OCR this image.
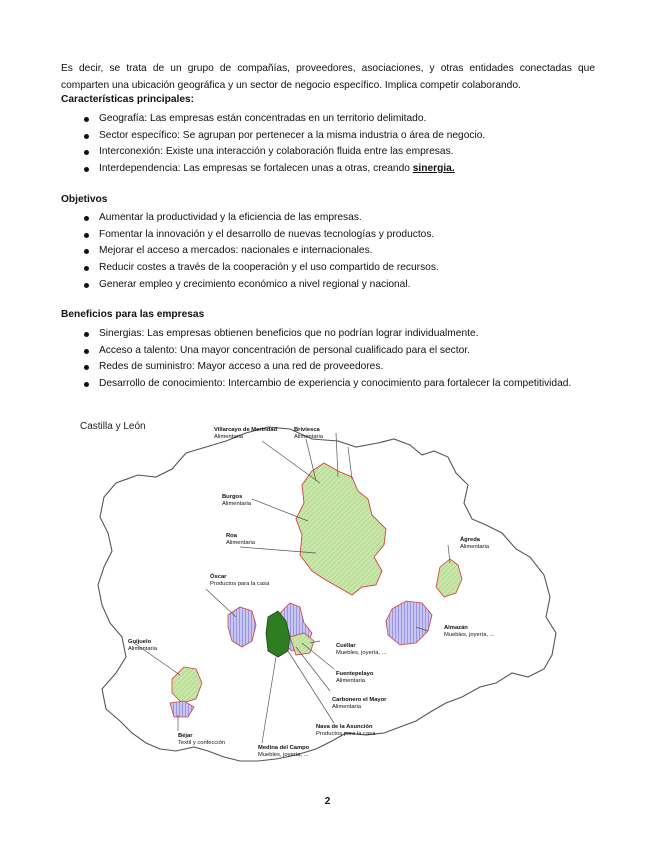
Es decir, se trata de un grupo de compañías, proveedores, asociaciones, y otras entidades conectadas que comparten una ubicación geográfica y un sector de negocio específico. Implica competir colaborando.
Características principales:
Geografía: Las empresas están concentradas en un territorio delimitado.
Sector específico: Se agrupan por pertenecer a la misma industria o área de negocio.
Interconexión: Existe una interacción y colaboración fluida entre las empresas.
Interdependencia: Las empresas se fortalecen unas a otras, creando sinergia.
Objetivos
Aumentar la productividad y la eficiencia de las empresas.
Fomentar la innovación y el desarrollo de nuevas tecnologías y productos.
Mejorar el acceso a mercados: nacionales e internacionales.
Reducir costes a través de la cooperación y el uso compartido de recursos.
Generar empleo y crecimiento económico a nivel regional y nacional.
Beneficios para las empresas
Sinergias: Las empresas obtienen beneficios que no podrían lograr individualmente.
Acceso a talento: Una mayor concentración de personal cualificado para el sector.
Redes de suministro: Mayor acceso a una red de proveedores.
Desarrollo de conocimiento: Intercambio de experiencia y conocimiento para fortalecer la competitividad.
Castilla y León	Villarcayo de Merindad
Alimentaria
Briviesca
Alimentaria
Burgos
Alimentaria
Roa
Alimentaria
Óscar
Productos para la casa
Ágreda
Alimentaria
Almazán
Muebles, joyería, ...
Guijuelo
Alimentaria	Cuéllar
Muebles, joyería, ...
Fuentepelayo
Alimentaria
Carbonero el Mayor
Alimentaria
Nava de la Asunción
Productos para la casa
Béjar
Textil y confección
Medina del Campo
Muebles, joyería, ...
2
